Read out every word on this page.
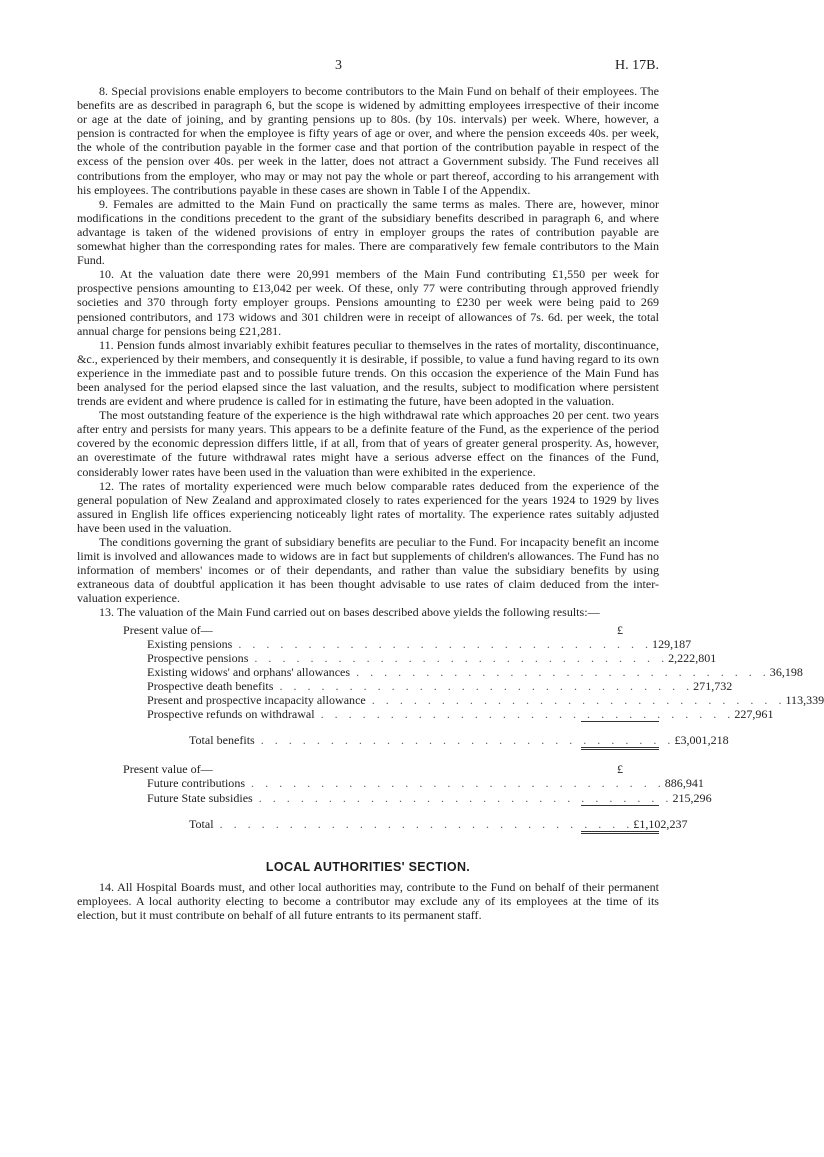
3	H. 17B.

8. Special provisions enable employers to become contributors to the Main Fund on behalf of their employees. The benefits are as described in paragraph 6, but the scope is widened by admitting employees irrespective of their income or age at the date of joining, and by granting pensions up to 80s. (by 10s. intervals) per week. Where, however, a pension is contracted for when the employee is fifty years of age or over, and where the pension exceeds 40s. per week, the whole of the contribution payable in the former case and that portion of the contribution payable in respect of the excess of the pension over 40s. per week in the latter, does not attract a Government subsidy. The Fund receives all contributions from the employer, who may or may not pay the whole or part thereof, according to his arrangement with his employees. The contributions payable in these cases are shown in Table I of the Appendix.

9. Females are admitted to the Main Fund on practically the same terms as males. There are, however, minor modifications in the conditions precedent to the grant of the subsidiary benefits described in paragraph 6, and where advantage is taken of the widened provisions of entry in employer groups the rates of contribution payable are somewhat higher than the corresponding rates for males. There are comparatively few female contributors to the Main Fund.

10. At the valuation date there were 20,991 members of the Main Fund contributing £1,550 per week for prospective pensions amounting to £13,042 per week. Of these, only 77 were contributing through approved friendly societies and 370 through forty employer groups. Pensions amounting to £230 per week were being paid to 269 pensioned contributors, and 173 widows and 301 children were in receipt of allowances of 7s. 6d. per week, the total annual charge for pensions being £21,281.

11. Pension funds almost invariably exhibit features peculiar to themselves in the rates of mortality, discontinuance, &c., experienced by their members, and consequently it is desirable, if possible, to value a fund having regard to its own experience in the immediate past and to possible future trends. On this occasion the experience of the Main Fund has been analysed for the period elapsed since the last valuation, and the results, subject to modification where persistent trends are evident and where prudence is called for in estimating the future, have been adopted in the valuation.

The most outstanding feature of the experience is the high withdrawal rate which approaches 20 per cent. two years after entry and persists for many years. This appears to be a definite feature of the Fund, as the experience of the period covered by the economic depression differs little, if at all, from that of years of greater general prosperity. As, however, an overestimate of the future withdrawal rates might have a serious adverse effect on the finances of the Fund, considerably lower rates have been used in the valuation than were exhibited in the experience.

12. The rates of mortality experienced were much below comparable rates deduced from the experience of the general population of New Zealand and approximated closely to rates experienced for the years 1924 to 1929 by lives assured in English life offices experiencing noticeably light rates of mortality. The experience rates suitably adjusted have been used in the valuation.

The conditions governing the grant of subsidiary benefits are peculiar to the Fund. For incapacity benefit an income limit is involved and allowances made to widows are in fact but supplements of children's allowances. The Fund has no information of members' incomes or of their dependants, and rather than value the subsidiary benefits by using extraneous data of doubtful application it has been thought advisable to use rates of claim deduced from the inter-valuation experience.

13. The valuation of the Main Fund carried out on bases described above yields the following results:—

Present value of—	£
Existing pensions . . . . . . . . . . . . . . . . . . . . . . . . . . . . . . 129,187
Prospective pensions . . . . . . . . . . . . . . . . . . . . . . . . . . . . . . 2,222,801
Existing widows' and orphans' allowances . . . . . . . . . . . . . . . . . . . . . . . . . . . . . . 36,198
Prospective death benefits . . . . . . . . . . . . . . . . . . . . . . . . . . . . . . 271,732
Present and prospective incapacity allowance . . . . . . . . . . . . . . . . . . . . . . . . . . . . . . 113,339
Prospective refunds on withdrawal . . . . . . . . . . . . . . . . . . . . . . . . . . . . . . 227,961
Total benefits . . . . . . . . . . . . . . . . . . . . . . . . . . . . . . £3,001,218
Present value of—	£
Future contributions . . . . . . . . . . . . . . . . . . . . . . . . . . . . . . 886,941
Future State subsidies . . . . . . . . . . . . . . . . . . . . . . . . . . . . . . 215,296
Total . . . . . . . . . . . . . . . . . . . . . . . . . . . . . . £1,102,237
LOCAL AUTHORITIES' SECTION.

14. All Hospital Boards must, and other local authorities may, contribute to the Fund on behalf of their permanent employees. A local authority electing to become a contributor may exclude any of its employees at the time of its election, but it must contribute on behalf of all future entrants to its permanent staff.
